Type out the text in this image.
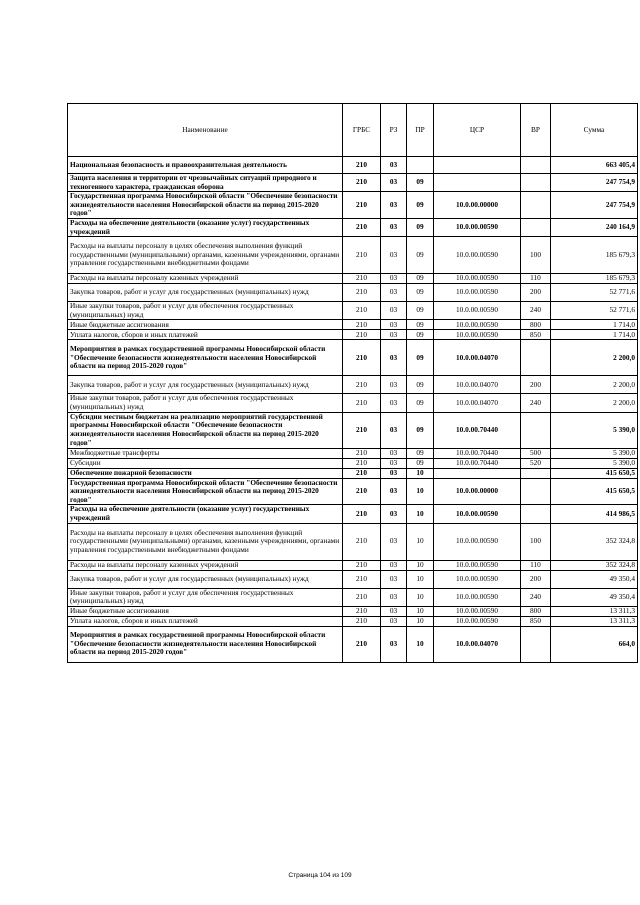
Наименование	ГРБС	РЗ	ПР	ЦСР	ВР	Сумма
Национальная безопасность и правоохранительная деятельность	210	03				663 405,4
Защита населения и территории от чрезвычайных ситуаций природного и техногенного характера, гражданская оборона	210	03	09			247 754,9
Государственная программа Новосибирской области "Обеспечение безопасности жизнедеятельности населения Новосибирской области на период 2015-2020 годов"	210	03	09	10.0.00.00000		247 754,9
Расходы на обеспечение деятельности (оказание услуг) государственных учреждений	210	03	09	10.0.00.00590		240 164,9
Расходы на выплаты персоналу в целях обеспечения выполнения функций государственными (муниципальными) органами, казенными учреждениями, органами управления государственными внебюджетными фондами	210	03	09	10.0.00.00590	100	185 679,3
Расходы на выплаты персоналу казенных учреждений	210	03	09	10.0.00.00590	110	185 679,3
Закупка товаров, работ и услуг для государственных (муниципальных) нужд	210	03	09	10.0.00.00590	200	52 771,6
Иные закупки товаров, работ и услуг для обеспечения государственных (муниципальных) нужд	210	03	09	10.0.00.00590	240	52 771,6
Иные бюджетные ассигнования	210	03	09	10.0.00.00590	800	1 714,0
Уплата налогов, сборов и иных платежей	210	03	09	10.0.00.00590	850	1 714,0
Мероприятия в рамках государственной программы Новосибирской области "Обеспечение безопасности жизнедеятельности населения Новосибирской области на период 2015-2020 годов"	210	03	09	10.0.00.04070		2 200,0
Закупка товаров, работ и услуг для государственных (муниципальных) нужд	210	03	09	10.0.00.04070	200	2 200,0
Иные закупки товаров, работ и услуг для обеспечения государственных (муниципальных) нужд	210	03	09	10.0.00.04070	240	2 200,0
Субсидии местным бюджетам на реализацию мероприятий государственной программы Новосибирской области "Обеспечение безопасности жизнедеятельности населения Новосибирской области на период 2015-2020 годов"	210	03	09	10.0.00.70440		5 390,0
Межбюджетные трансферты	210	03	09	10.0.00.70440	500	5 390,0
Субсидии	210	03	09	10.0.00.70440	520	5 390,0
Обеспечение пожарной безопасности	210	03	10			415 650,5
Государственная программа Новосибирской области "Обеспечение безопасности жизнедеятельности населения Новосибирской области на период 2015-2020 годов"	210	03	10	10.0.00.00000		415 650,5
Расходы на обеспечение деятельности (оказание услуг) государственных учреждений	210	03	10	10.0.00.00590		414 986,5
Расходы на выплаты персоналу в целях обеспечения выполнения функций государственными (муниципальными) органами, казенными учреждениями, органами управления государственными внебюджетными фондами	210	03	10	10.0.00.00590	100	352 324,8
Расходы на выплаты персоналу казенных учреждений	210	03	10	10.0.00.00590	110	352 324,8
Закупка товаров, работ и услуг для государственных (муниципальных) нужд	210	03	10	10.0.00.00590	200	49 350,4
Иные закупки товаров, работ и услуг для обеспечения государственных (муниципальных) нужд	210	03	10	10.0.00.00590	240	49 350,4
Иные бюджетные ассигнования	210	03	10	10.0.00.00590	800	13 311,3
Уплата налогов, сборов и иных платежей	210	03	10	10.0.00.00590	850	13 311,3
Мероприятия в рамках государственной программы Новосибирской области "Обеспечение безопасности жизнедеятельности населения Новосибирской области на период 2015-2020 годов"	210	03	10	10.0.00.04070		664,0
Страница 104 из 109
